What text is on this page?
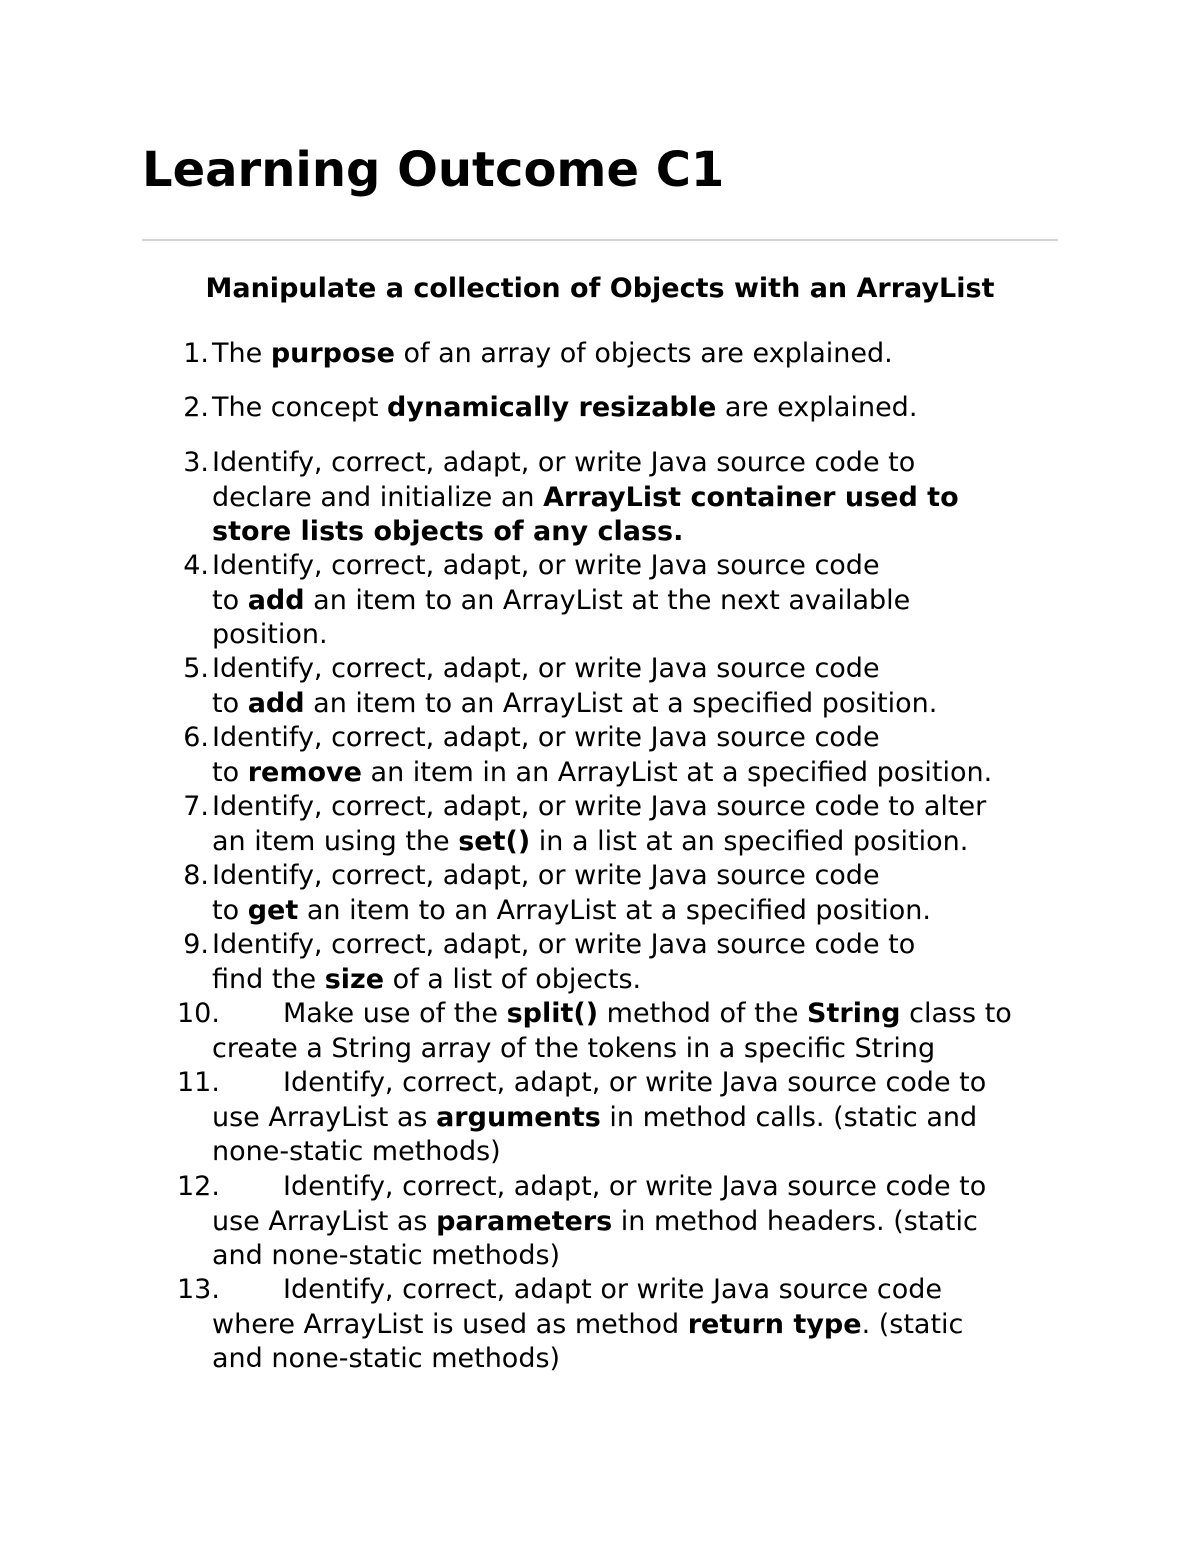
Learning Outcome C1
Manipulate a collection of Objects with an ArrayList
1. The purpose of an array of objects are explained.
2. The concept dynamically resizable are explained.
3. Identify, correct, adapt, or write Java source code to
declare and initialize an ArrayList container used to
store lists objects of any class.
4. Identify, correct, adapt, or write Java source code
to add an item to an ArrayList at the next available
position.
5. Identify, correct, adapt, or write Java source code
to add an item to an ArrayList at a specified position.
6. Identify, correct, adapt, or write Java source code
to remove an item in an ArrayList at a specified position.
7. Identify, correct, adapt, or write Java source code to alter
an item using the set() in a list at an specified position.
8. Identify, correct, adapt, or write Java source code
to get an item to an ArrayList at a specified position.
9. Identify, correct, adapt, or write Java source code to
find the size of a list of objects.
10. Make use of the split() method of the String class to
create a String array of the tokens in a specific String
11. Identify, correct, adapt, or write Java source code to
use ArrayList as arguments in method calls. (static and
none-static methods)
12. Identify, correct, adapt, or write Java source code to
use ArrayList as parameters in method headers. (static
and none-static methods)
13. Identify, correct, adapt or write Java source code
where ArrayList is used as method return type. (static
and none-static methods)
